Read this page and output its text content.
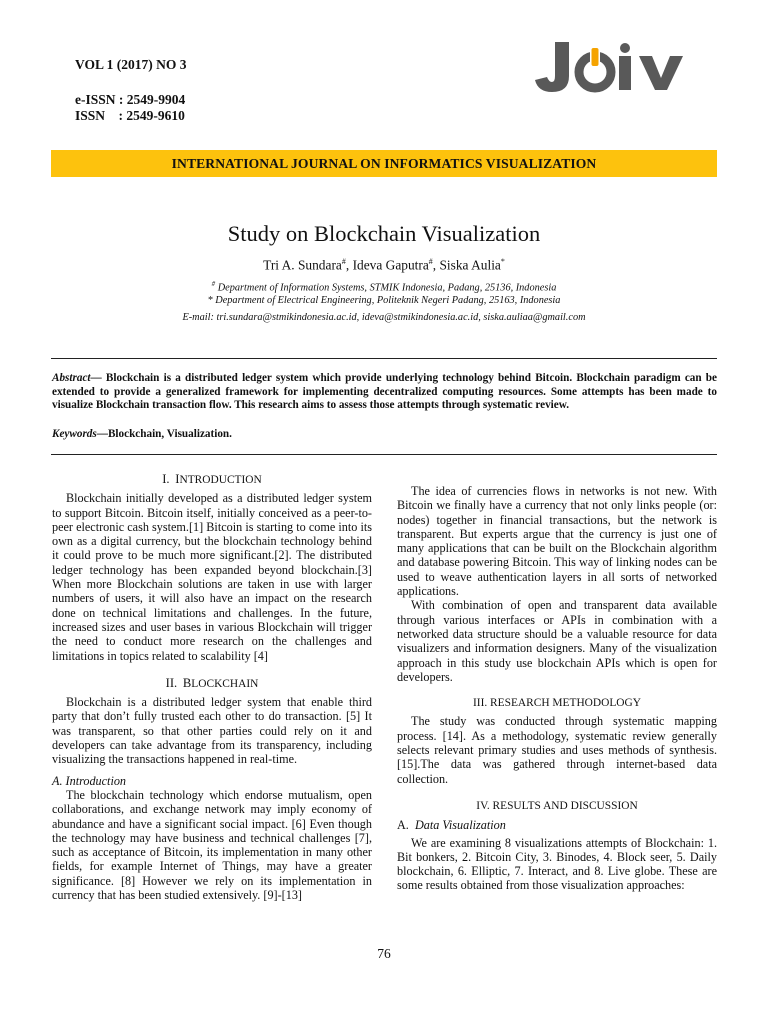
VOL 1 (2017) NO 3
e-ISSN : 2549-9904
ISSN    : 2549-9610
INTERNATIONAL JOURNAL ON INFORMATICS VISUALIZATION
Study on Blockchain Visualization
Tri A. Sundara#, Ideva Gaputra#, Siska Aulia*
# Department of Information Systems, STMIK Indonesia, Padang, 25136, Indonesia
* Department of Electrical Engineering, Politeknik Negeri Padang, 25163, Indonesia
E-mail: tri.sundara@stmikindonesia.ac.id, ideva@stmikindonesia.ac.id, siska.auliaa@gmail.com
Abstract— Blockchain is a distributed ledger system which provide underlying technology behind Bitcoin. Blockchain paradigm can be extended to provide a generalized framework for implementing decentralized computing resources. Some attempts has been made to visualize Blockchain transaction flow. This research aims to assess those attempts through systematic review.
Keywords—Blockchain, Visualization.
I. INTRODUCTION

Blockchain initially developed as a distributed ledger system to support Bitcoin. Bitcoin itself, initially conceived as a peer-to-peer electronic cash system.[1] Bitcoin is starting to come into its own as a digital currency, but the blockchain technology behind it could prove to be much more significant.[2]. The distributed ledger technology has been expanded beyond blockchain.[3] When more Blockchain solutions are taken in use with larger numbers of users, it will also have an impact on the research done on technical limitations and challenges. In the future, increased sizes and user bases in various Blockchain will trigger the need to conduct more research on the challenges and limitations in topics related to scalability [4]

II. BLOCKCHAIN

Blockchain is a distributed ledger system that enable third party that don’t fully trusted each other to do transaction. [5] It was transparent, so that other parties could rely on it and developers can take advantage from its transparency, including visualizing the transactions happened in real-time.

A. Introduction

The blockchain technology which endorse mutualism, open collaborations, and exchange network may imply economy of abundance and have a significant social impact. [6] Even though the technology may have business and technical challenges [7], such as acceptance of Bitcoin, its implementation in many other fields, for example Internet of Things, may have a greater significance. [8] However we rely on its implementation in currency that has been studied extensively. [9]-[13]

The idea of currencies flows in networks is not new. With Bitcoin we finally have a currency that not only links people (or: nodes) together in financial transactions, but the network is transparent. But experts argue that the currency is just one of many applications that can be built on the Blockchain algorithm and database powering Bitcoin. This way of linking nodes can be used to weave authentication layers in all sorts of networked applications.

With combination of open and transparent data available through various interfaces or APIs in combination with a networked data structure should be a valuable resource for data visualizers and information designers. Many of the visualization approach in this study use blockchain APIs which is open for developers.

III. RESEARCH METHODOLOGY

The study was conducted through systematic mapping process. [14]. As a methodology, systematic review generally selects relevant primary studies and uses methods of synthesis. [15].The data was gathered through internet-based data collection.

IV. RESULTS AND DISCUSSION
A. Data Visualization

We are examining 8 visualizations attempts of Blockchain: 1. Bit bonkers, 2. Bitcoin City, 3. Binodes, 4. Block seer, 5. Daily blockchain, 6. Elliptic, 7. Interact, and 8. Live globe. These are some results obtained from those visualization approaches:

76
